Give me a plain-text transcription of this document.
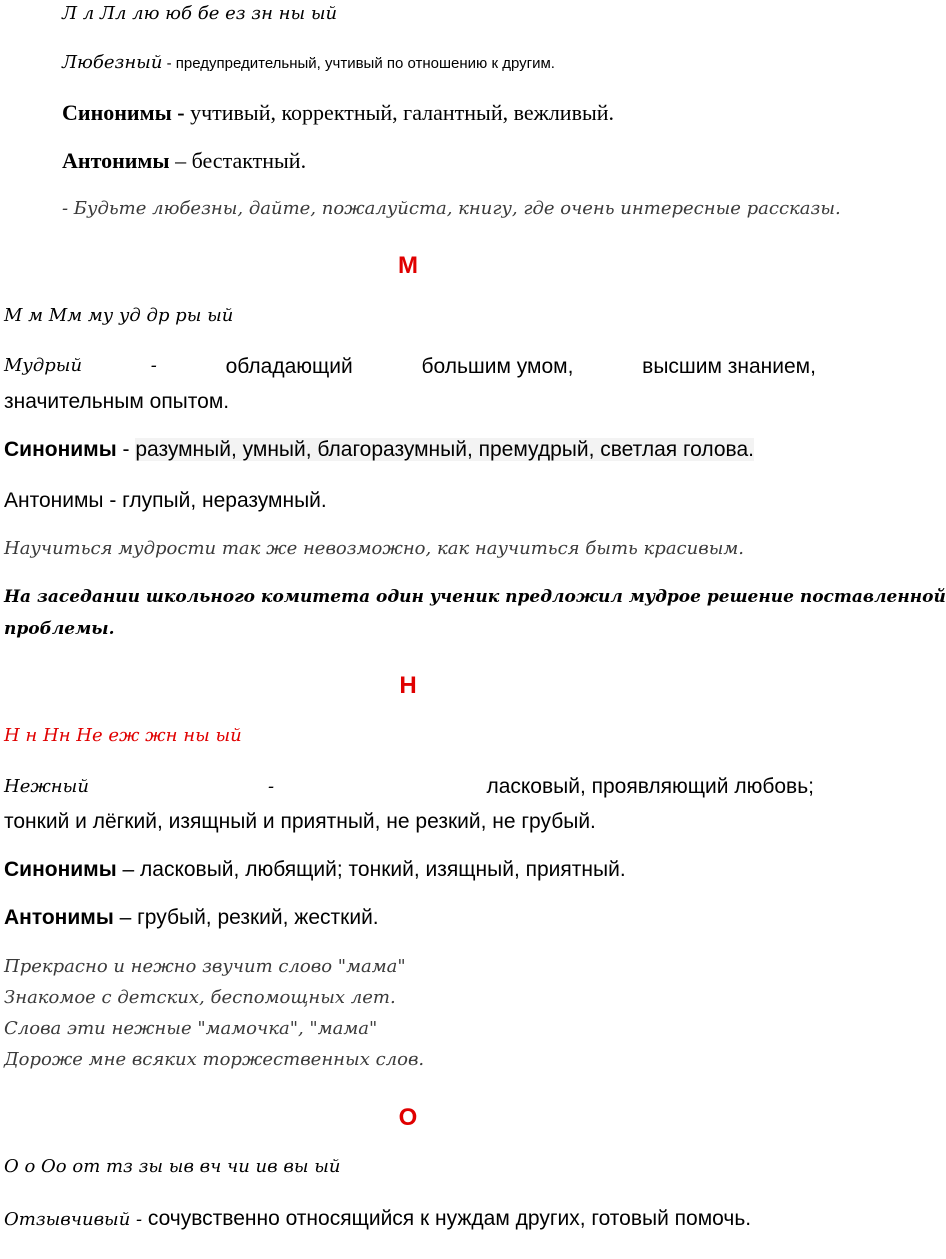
Л л Лл лю юб бе ез зн ны ый
Любезный - предупредительный, учтивый по отношению к другим.
Синонимы - учтивый, корректный, галантный, вежливый.
Антонимы – бестактный.
- Будьте любезны, дайте, пожалуйста, книгу, где очень интересные рассказы.
М
М м Мм му уд др ры ый
Мудрый	-	обладающий	большим умом,	высшим знанием,
значительным опытом.
Синонимы - разумный, умный, благоразумный, премудрый, светлая голова.
Антонимы - глупый, неразумный.
Научиться мудрости так же невозможно, как научиться быть красивым.
На заседании школьного комитета один ученик предложил мудрое решение поставленной
проблемы.
Н
Н н Нн Не еж жн ны ый
Нежный	-	ласковый, проявляющий любовь;
тонкий и лёгкий, изящный и приятный, не резкий, не грубый.
Синонимы – ласковый, любящий; тонкий, изящный, приятный.
Антонимы – грубый, резкий, жесткий.
Прекрасно и нежно звучит слово "мама"
Знакомое с детских, беспомощных лет.
Слова эти нежные "мамочка", "мама"
Дороже мне всяких торжественных слов.
О
О о Оо от тз зы ыв вч чи ив вы ый
Отзывчивый - сочувственно относящийся к нуждам других, готовый помочь.
